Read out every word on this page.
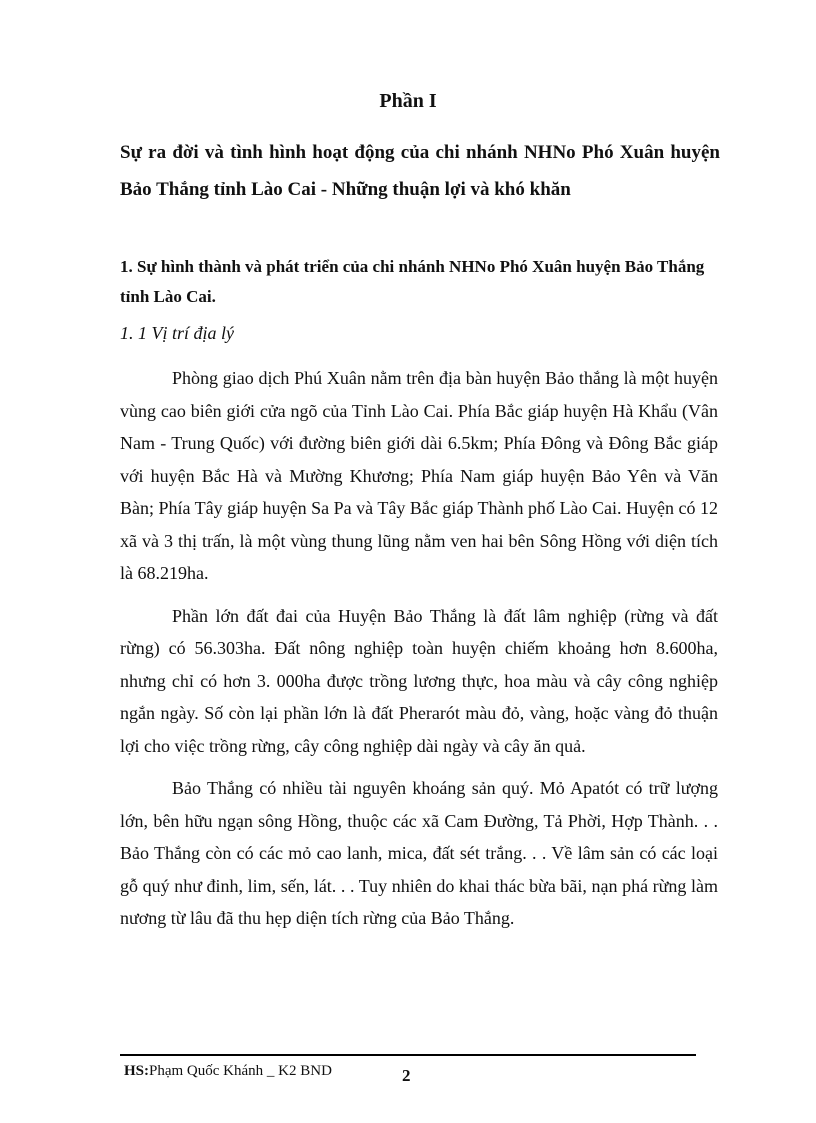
Phần I
Sự ra đời và tình hình hoạt động của chi nhánh NHNo Phó Xuân huyện Bảo Thắng tỉnh Lào Cai - Những thuận lợi và khó khăn
1. Sự hình thành và phát triển của chi nhánh NHNo Phó Xuân huyện Bảo Thắng tỉnh Lào Cai.
1. 1 Vị trí địa lý

Phòng giao dịch Phú Xuân nằm trên địa bàn huyện Bảo thắng là một huyện vùng cao biên giới cửa ngõ của Tỉnh Lào Cai. Phía Bắc giáp huyện Hà Khẩu (Vân Nam - Trung Quốc) với đường biên giới dài 6.5km; Phía Đông và Đông Bắc giáp với huyện Bắc Hà và Mường Khương; Phía Nam giáp huyện Bảo Yên và Văn Bàn; Phía Tây giáp huyện Sa Pa và Tây Bắc giáp Thành phố Lào Cai. Huyện có 12 xã và 3 thị trấn, là một vùng thung lũng nằm ven hai bên Sông Hồng với diện tích là 68.219ha.

Phần lớn đất đai của Huyện Bảo Thắng là đất lâm nghiệp (rừng và đất rừng) có 56.303ha. Đất nông nghiệp toàn huyện chiếm khoảng hơn 8.600ha, nhưng chỉ có hơn 3. 000ha được trồng lương thực, hoa màu và cây công nghiệp ngắn ngày. Số còn lại phần lớn là đất Pherarót màu đỏ, vàng, hoặc vàng đỏ thuận lợi cho việc trồng rừng, cây công nghiệp dài ngày và cây ăn quả.

Bảo Thắng có nhiều tài nguyên khoáng sản quý. Mỏ Apatót có trữ lượng lớn, bên hữu ngạn sông Hồng, thuộc các xã Cam Đường, Tả Phời, Hợp Thành. . . Bảo Thắng còn có các mỏ cao lanh, mica, đất sét trắng. . . Về lâm sản có các loại gỗ quý như đinh, lim, sến, lát. . . Tuy nhiên do khai thác bừa bãi, nạn phá rừng làm nương từ lâu đã thu hẹp diện tích rừng của Bảo Thắng.

HS:Phạm Quốc Khánh _ K2 BND	2
